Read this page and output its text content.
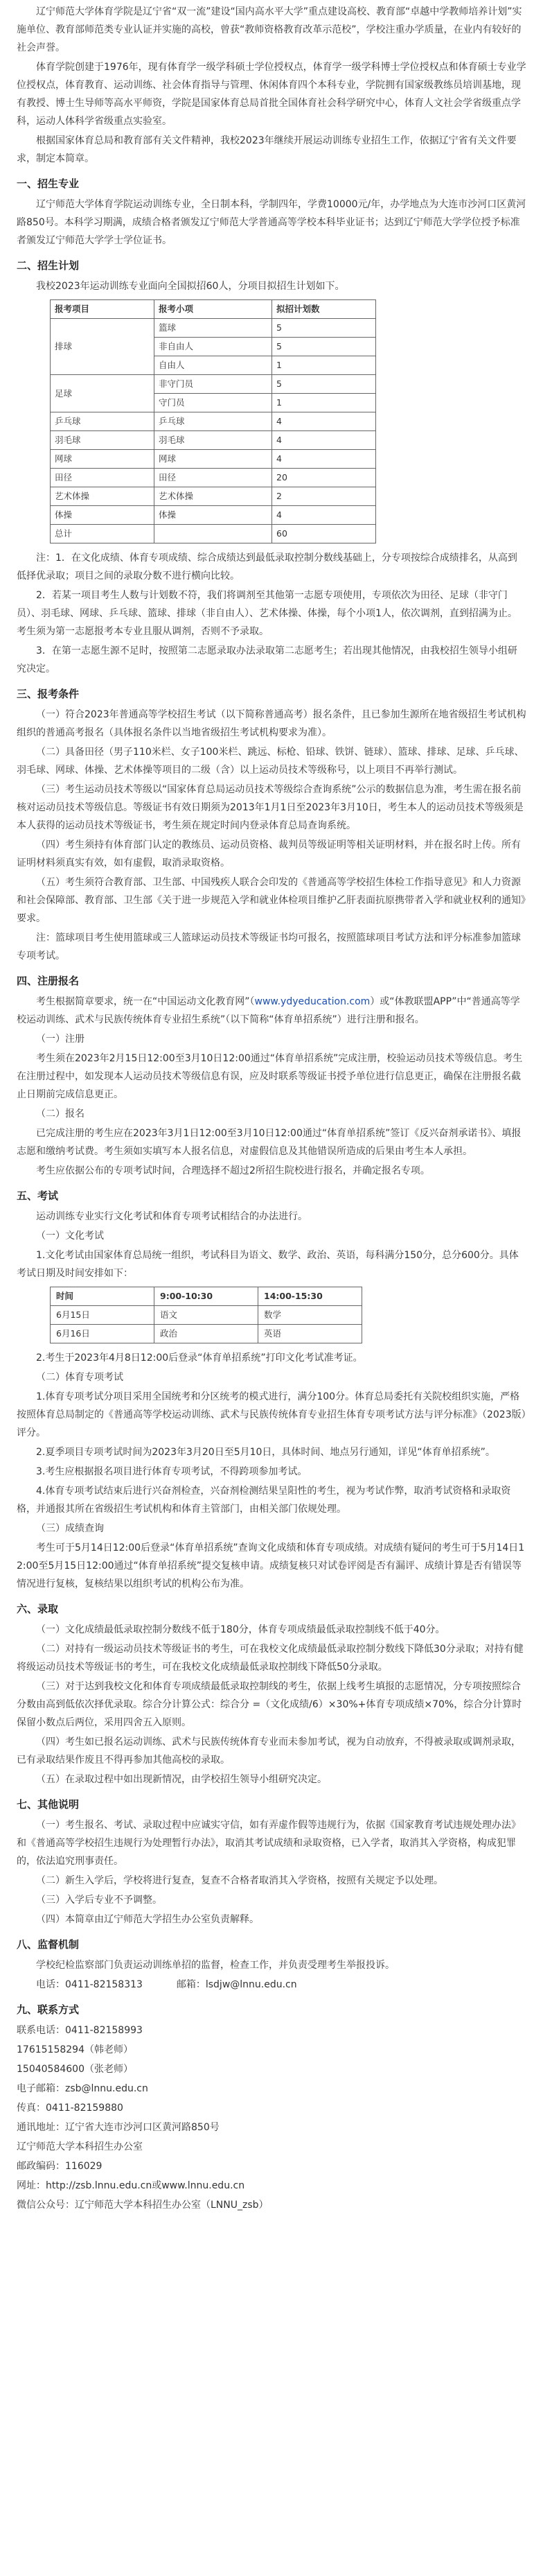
辽宁师范大学体育学院是辽宁省“双一流”建设“国内高水平大学”重点建设高校、教育部“卓越中学教师培养计划”实施单位、教育部师范类专业认证并实施的高校，曾获“教师资格教育改革示范校”，学校注重办学质量，在业内有较好的社会声誉。

体育学院创建于1976年，现有体育学一级学科硕士学位授权点，体育学一级学科博士学位授权点和体育硕士专业学位授权点，体育教育、运动训练、社会体育指导与管理、休闲体育四个本科专业，学院拥有国家级教练员培训基地，现有教授、博士生导师等高水平师资，学院是国家体育总局首批全国体育社会科学研究中心，体育人文社会学省级重点学科，运动人体科学省级重点实验室。

根据国家体育总局和教育部有关文件精神，我校2023年继续开展运动训练专业招生工作，依据辽宁省有关文件要求，制定本简章。

一、招生专业

辽宁师范大学体育学院运动训练专业，全日制本科，学制四年，学费10000元/年，办学地点为大连市沙河口区黄河路850号。本科学习期满，成绩合格者颁发辽宁师范大学普通高等学校本科毕业证书；达到辽宁师范大学学位授予标准者颁发辽宁师范大学学士学位证书。

二、招生计划

我校2023年运动训练专业面向全国拟招60人，分项目拟招生计划如下。

报考项目	报考小项	拟招计划数
排球	篮球	5
	非自由人	5
	自由人	1
足球	非守门员	5
	守门员	1
乒乓球	乒乓球	4
羽毛球	羽毛球	4
网球	网球	4
田径	田径	20
艺术体操	艺术体操	2
体操	体操	4
总计		60

注：1．在文化成绩、体育专项成绩、综合成绩达到最低录取控制分数线基础上，分专项按综合成绩排名，从高到低择优录取；项目之间的录取分数不进行横向比较。

2．若某一项目考生人数与计划数不符，我们将调剂至其他第一志愿专项使用，专项依次为田径、足球（非守门员）、羽毛球、网球、乒乓球、篮球、排球（非自由人）、艺术体操、体操，每个小项1人，依次调剂，直到招满为止。考生须为第一志愿报考本专业且服从调剂，否则不予录取。

3．在第一志愿生源不足时，按照第二志愿录取办法录取第二志愿考生；若出现其他情况，由我校招生领导小组研究决定。

三、报考条件

（一）符合2023年普通高等学校招生考试（以下简称普通高考）报名条件，且已参加生源所在地省级招生考试机构组织的普通高考报名（具体报名条件以当地省级招生考试机构要求为准）。

（二）具备田径（男子110米栏、女子100米栏、跳远、标枪、铅球、铁饼、链球）、篮球、排球、足球、乒乓球、羽毛球、网球、体操、艺术体操等项目的二级（含）以上运动员技术等级称号，以上项目不再举行测试。

（三）考生运动员技术等级以“国家体育总局运动员技术等级综合查询系统”公示的数据信息为准，考生需在报名前核对运动员技术等级信息。等级证书有效日期须为2013年1月1日至2023年3月10日，考生本人的运动员技术等级须是本人获得的运动员技术等级证书，考生须在规定时间内登录体育总局查询系统。

（四）考生须持有体育部门认定的教练员、运动员资格、裁判员等级证明等相关证明材料，并在报名时上传。所有证明材料须真实有效，如有虚假，取消录取资格。

（五）考生须符合教育部、卫生部、中国残疾人联合会印发的《普通高等学校招生体检工作指导意见》和人力资源和社会保障部、教育部、卫生部《关于进一步规范入学和就业体检项目维护乙肝表面抗原携带者入学和就业权利的通知》要求。

注：篮球项目考生使用篮球或三人篮球运动员技术等级证书均可报名，按照篮球项目考试方法和评分标准参加篮球专项考试。

四、注册报名

考生根据简章要求，统一在“中国运动文化教育网”（www.ydyeducation.com）或“体教联盟APP”中“普通高等学校运动训练、武术与民族传统体育专业招生系统”（以下简称“体育单招系统”）进行注册和报名。

（一）注册

考生须在2023年2月15日12:00至3月10日12:00通过“体育单招系统”完成注册，校验运动员技术等级信息。考生在注册过程中，如发现本人运动员技术等级信息有误，应及时联系等级证书授予单位进行信息更正，确保在注册报名截止日期前完成信息更正。

（二）报名

已完成注册的考生应在2023年3月1日12:00至3月10日12:00通过“体育单招系统”签订《反兴奋剂承诺书》、填报志愿和缴纳考试费。考生须如实填写本人报名信息，对虚假信息及其他错误所造成的后果由考生本人承担。

考生应依据公布的专项考试时间，合理选择不超过2所招生院校进行报名，并确定报名专项。

五、考试

运动训练专业实行文化考试和体育专项考试相结合的办法进行。

（一）文化考试

1.文化考试由国家体育总局统一组织，考试科目为语文、数学、政治、英语，每科满分150分，总分600分。具体考试日期及时间安排如下：

时间	9:00-10:30	14:00-15:30
6月15日	语文	数学
6月16日	政治	英语

2.考生于2023年4月8日12:00后登录“体育单招系统”打印文化考试准考证。

（二）体育专项考试

1.体育专项考试分项目采用全国统考和分区统考的模式进行，满分100分。体育总局委托有关院校组织实施，严格按照体育总局制定的《普通高等学校运动训练、武术与民族传统体育专业招生体育专项考试方法与评分标准》（2023版）评分。

2.夏季项目专项考试时间为2023年3月20日至5月10日，具体时间、地点另行通知，详见“体育单招系统”。

3.考生应根据报名项目进行体育专项考试，不得跨项参加考试。

4.体育专项考试结束后进行兴奋剂检查，兴奋剂检测结果呈阳性的考生，视为考试作弊，取消考试资格和录取资格，并通报其所在省级招生考试机构和体育主管部门，由相关部门依规处理。

（三）成绩查询

考生可于5月14日12:00后登录“体育单招系统”查询文化成绩和体育专项成绩。对成绩有疑问的考生可于5月14日12:00至5月15日12:00通过“体育单招系统”提交复核申请。成绩复核只对试卷评阅是否有漏评、成绩计算是否有错误等情况进行复核，复核结果以组织考试的机构公布为准。

六、录取

（一）文化成绩最低录取控制分数线不低于180分，体育专项成绩最低录取控制线不低于40分。

（二）对持有一级运动员技术等级证书的考生，可在我校文化成绩最低录取控制分数线下降低30分录取；对持有健将级运动员技术等级证书的考生，可在我校文化成绩最低录取控制线下降低50分录取。

（三）对于达到我校文化和体育专项成绩最低录取控制线的考生，依据上线考生填报的志愿情况，分专项按照综合分数由高到低依次择优录取。综合分计算公式：综合分 =（文化成绩/6）×30%+体育专项成绩×70%，综合分计算时保留小数点后两位，采用四舍五入原则。

（四）考生如已报名运动训练、武术与民族传统体育专业而未参加考试，视为自动放弃，不得被录取或调剂录取，已有录取结果作废且不得再参加其他高校的录取。

（五）在录取过程中如出现新情况，由学校招生领导小组研究决定。

七、其他说明

（一）考生报名、考试、录取过程中应诚实守信，如有弄虚作假等违规行为，依据《国家教育考试违规处理办法》和《普通高等学校招生违规行为处理暂行办法》，取消其考试成绩和录取资格，已入学者，取消其入学资格，构成犯罪的，依法追究刑事责任。

（二）新生入学后，学校将进行复查，复查不合格者取消其入学资格，按照有关规定予以处理。

（三）入学后专业不予调整。

（四）本简章由辽宁师范大学招生办公室负责解释。

八、监督机制

学校纪检监察部门负责运动训练单招的监督，检查工作，并负责受理考生举报投诉。

电话：0411-82158313	邮箱：lsdjw@lnnu.edu.cn

九、联系方式

联系电话：0411-82158993

17615158294（韩老师）

15040584600（张老师）

电子邮箱：zsb@lnnu.edu.cn

传真：0411-82159880

通讯地址：辽宁省大连市沙河口区黄河路850号

辽宁师范大学本科招生办公室

邮政编码：116029

网址：http://zsb.lnnu.edu.cn或www.lnnu.edu.cn

微信公众号：辽宁师范大学本科招生办公室（LNNU_zsb）
